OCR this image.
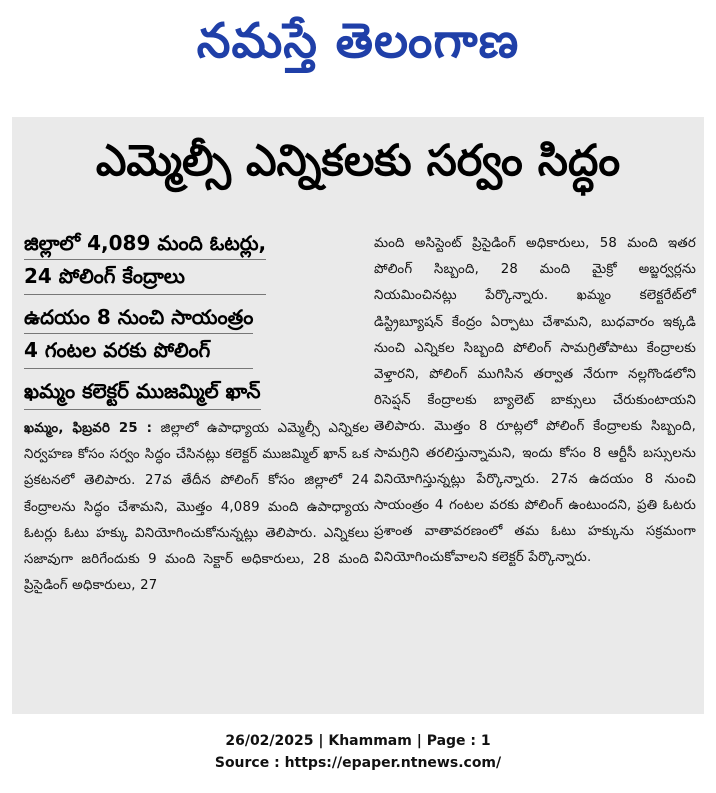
నమస్తే తెలంగాణ
ఎమ్మెల్సీ ఎన్నికలకు సర్వం సిద్ధం

జిల్లాలో 4,089 మంది ఓటర్లు,

24 పోలింగ్ కేంద్రాలు

ఉదయం 8 నుంచి సాయంత్రం

4 గంటల వరకు పోలింగ్

ఖమ్మం కలెక్టర్ ముజమ్మిల్ ఖాన్

ఖమ్మం, ఫిబ్రవరి 25 : జిల్లాలో ఉపాధ్యాయ ఎమ్మెల్సీ ఎన్నికల నిర్వహణ కోసం సర్వం సిద్ధం చేసినట్లు కలెక్టర్ ముజమ్మిల్ ఖాన్ ఒక ప్రకటనలో తెలిపారు. 27వ తేదీన పోలింగ్ కోసం జిల్లాలో 24 కేంద్రాలను సిద్ధం చేశామని, మొత్తం 4,089 మంది ఉపాధ్యాయ ఓటర్లు ఓటు హక్కు వినియోగించుకోనున్నట్లు తెలిపారు. ఎన్నికలు సజావుగా జరిగేందుకు 9 మంది సెక్టార్ అధికారులు, 28 మంది ప్రిసైడింగ్ అధికారులు, 27

మంది అసిస్టెంట్ ప్రిసైడింగ్ అధికారులు, 58 మంది ఇతర పోలింగ్ సిబ్బంది, 28 మంది మైక్రో అబ్జర్వర్లను నియమించినట్లు పేర్కొన్నారు. ఖమ్మం కలెక్టరేట్‌లో డిస్ట్రిబ్యూషన్ కేంద్రం ఏర్పాటు చేశామని, బుధవారం ఇక్కడి నుంచి ఎన్నికల సిబ్బంది పోలింగ్ సామగ్రితోపాటు కేంద్రాలకు వెళ్తారని, పోలింగ్ ముగిసిన తర్వాత నేరుగా నల్లగొండలోని రిసెప్షన్ కేంద్రాలకు బ్యాలెట్ బాక్సులు చేరుకుంటాయని తెలిపారు. మొత్తం 8 రూట్లలో పోలింగ్ కేంద్రాలకు సిబ్బంది, సామగ్రిని తరలిస్తున్నామని, ఇందు కోసం 8 ఆర్టీసీ బస్సులను వినియోగిస్తున్నట్లు పేర్కొన్నారు. 27న ఉదయం 8 నుంచి సాయంత్రం 4 గంటల వరకు పోలింగ్ ఉంటుందని, ప్రతి ఓటరు ప్రశాంత వాతావరణంలో తమ ఓటు హక్కును సక్రమంగా వినియోగించుకోవాలని కలెక్టర్ పేర్కొన్నారు.

26/02/2025 | Khammam | Page : 1
Source : https://epaper.ntnews.com/
